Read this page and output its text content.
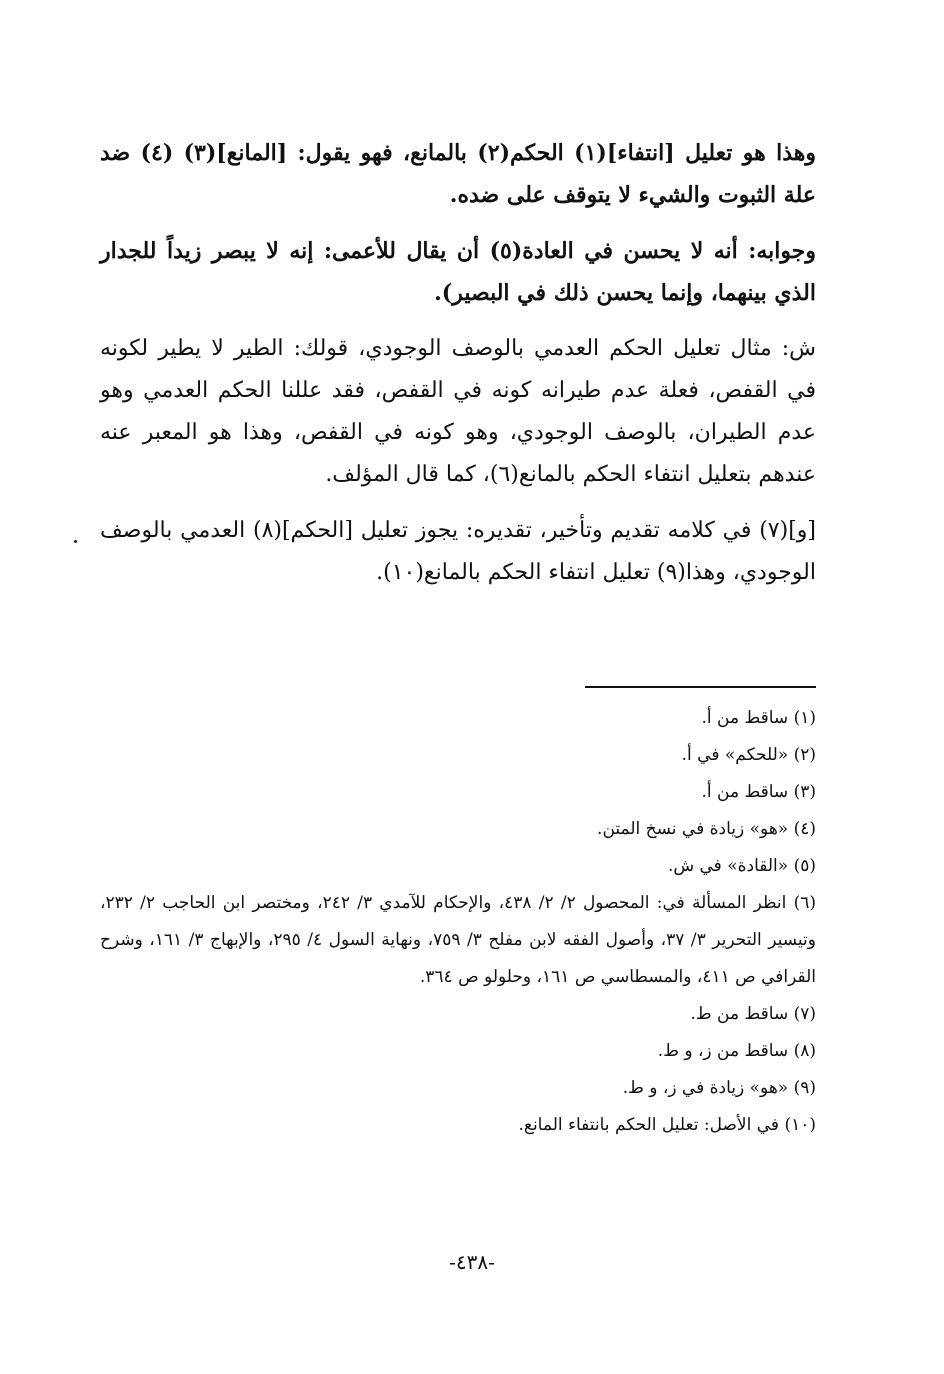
وهذا هو تعليل [انتفاء](١) الحكم(٢) بالمانع، فهو يقول: [المانع](٣) (٤) ضد علة الثبوت والشيء لا يتوقف على ضده.

وجوابه: أنه لا يحسن في العادة(٥) أن يقال للأعمى: إنه لا يبصر زيداً للجدار الذي بينهما، وإنما يحسن ذلك في البصير).

ش: مثال تعليل الحكم العدمي بالوصف الوجودي، قولك: الطير لا يطير لكونه في القفص، فعلة عدم طيرانه كونه في القفص، فقد عللنا الحكم العدمي وهو عدم الطيران، بالوصف الوجودي، وهو كونه في القفص، وهذا هو المعبر عنه عندهم بتعليل انتفاء الحكم بالمانع(٦)، كما قال المؤلف.

[و](٧) في كلامه تقديم وتأخير، تقديره: يجوز تعليل [الحكم](٨) العدمي بالوصف الوجودي، وهذا(٩) تعليل انتفاء الحكم بالمانع(١٠).

(١) ساقط من أ.
(٢) «للحكم» في أ.
(٣) ساقط من أ.
(٤) «هو» زيادة في نسخ المتن.
(٥) «القادة» في ش.
(٦) انظر المسألة في: المحصول ٢/ ٢/ ٤٣٨، والإحكام للآمدي ٣/ ٢٤٢، ومختصر ابن الحاجب ٢/ ٢٣٢، وتيسير التحرير ٣/ ٣٧، وأصول الفقه لابن مفلح ٣/ ٧٥٩، ونهاية السول ٤/ ٢٩٥، والإبهاج ٣/ ١٦١، وشرح القرافي ص ٤١١، والمسطاسي ص ١٦١، وحلولو ص ٣٦٤.
(٧) ساقط من ط.
(٨) ساقط من ز، و ط.
(٩) «هو» زيادة في ز، و ط.
(١٠) في الأصل: تعليل الحكم بانتفاء المانع.
-٤٣٨-
